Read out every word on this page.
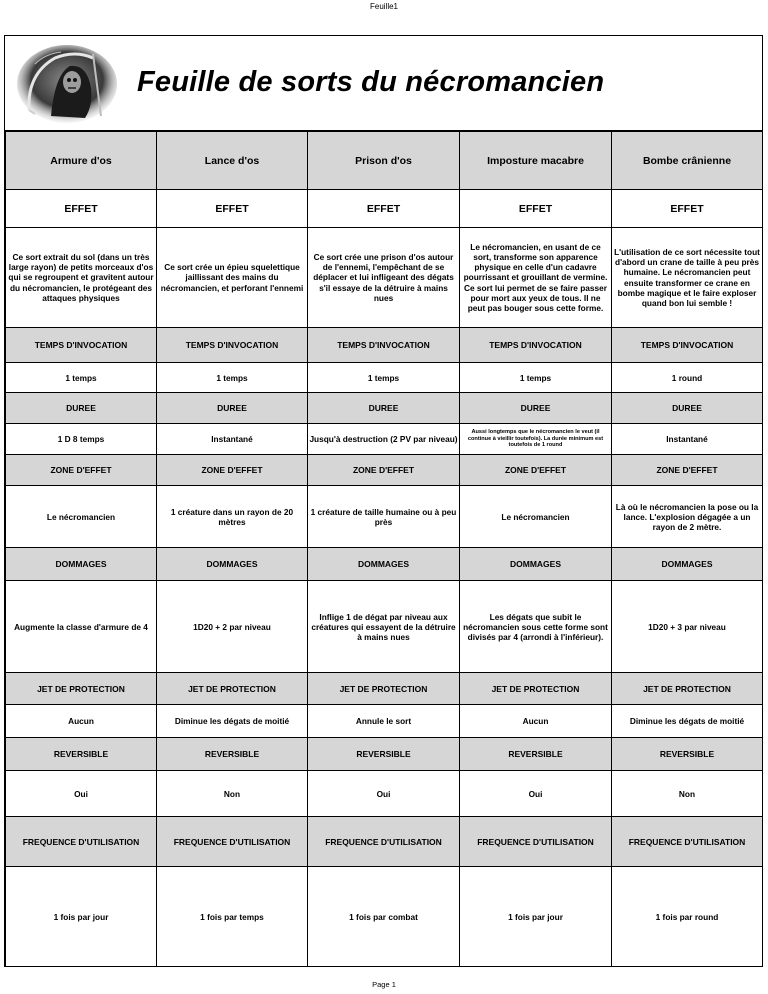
Feuille1
Feuille de sorts du nécromancien
Armure d'os	Lance d'os	Prison d'os	Imposture macabre	Bombe crânienne
EFFET	EFFET	EFFET	EFFET	EFFET
Ce sort extrait du sol (dans un très large rayon) de petits morceaux d'os qui se regroupent et gravitent autour du nécromancien, le protégeant des attaques physiques	Ce sort crée un épieu squelettique jaillissant des mains du nécromancien, et perforant l'ennemi	Ce sort crée une prison d'os autour de l'ennemi, l'empêchant de se déplacer et lui infligeant des dégats s'il essaye de la détruire à mains nues	Le nécromancien, en usant de ce sort, transforme son apparence physique en celle d'un cadavre pourrissant et grouillant de vermine. Ce sort lui permet de se faire passer pour mort aux yeux de tous. Il ne peut pas bouger sous cette forme.	L'utilisation de ce sort nécessite tout d'abord un crane de taille à peu près humaine. Le nécromancien peut ensuite transformer ce crane en bombe magique et le faire exploser quand bon lui semble !
TEMPS D'INVOCATION	TEMPS D'INVOCATION	TEMPS D'INVOCATION	TEMPS D'INVOCATION	TEMPS D'INVOCATION
1 temps	1 temps	1 temps	1 temps	1 round
DUREE	DUREE	DUREE	DUREE	DUREE
1 D 8 temps	Instantané	Jusqu'à destruction (2 PV par niveau)	Aussi longtemps que le nécromancien le veut (il continue à vieillir toutefois). La durée minimum est toutefois de 1 round	Instantané
ZONE D'EFFET	ZONE D'EFFET	ZONE D'EFFET	ZONE D'EFFET	ZONE D'EFFET
Le nécromancien	1 créature dans un rayon de 20 mètres	1 créature de taille humaine ou à peu près	Le nécromancien	Là où le nécromancien la pose ou la lance. L'explosion dégagée a un rayon de 2 mètre.
DOMMAGES	DOMMAGES	DOMMAGES	DOMMAGES	DOMMAGES
Augmente la classe d'armure de 4	1D20 + 2 par niveau	Inflige 1 de dégat par niveau aux créatures qui essayent de la détruire à mains nues	Les dégats que subit le nécromancien sous cette forme sont divisés par 4 (arrondi à l'inférieur).	1D20 + 3 par niveau
JET DE PROTECTION	JET DE PROTECTION	JET DE PROTECTION	JET DE PROTECTION	JET DE PROTECTION
Aucun	Diminue les dégats de moitié	Annule le sort	Aucun	Diminue les dégats de moitié
REVERSIBLE	REVERSIBLE	REVERSIBLE	REVERSIBLE	REVERSIBLE
Oui	Non	Oui	Oui	Non
FREQUENCE D'UTILISATION	FREQUENCE D'UTILISATION	FREQUENCE D'UTILISATION	FREQUENCE D'UTILISATION	FREQUENCE D'UTILISATION
1 fois par jour	1 fois par temps	1 fois par combat	1 fois par jour	1 fois par round
Page 1
